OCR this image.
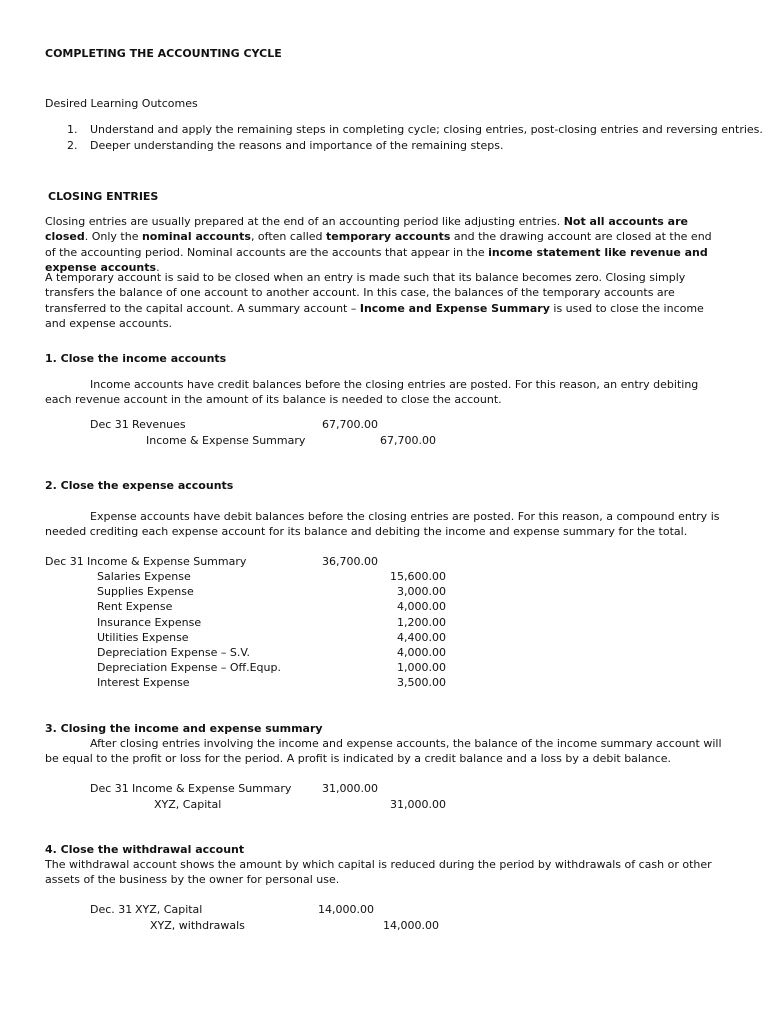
COMPLETING THE ACCOUNTING CYCLE
Desired Learning Outcomes
1. Understand and apply the remaining steps in completing cycle; closing entries, post-closing entries and reversing entries.
2. Deeper understanding the reasons and importance of the remaining steps.
CLOSING ENTRIES
Closing entries are usually prepared at the end of an accounting period like adjusting entries. Not all accounts are closed. Only the nominal accounts, often called temporary accounts and the drawing account are closed at the end of the accounting period. Nominal accounts are the accounts that appear in the income statement like revenue and expense accounts.
A temporary account is said to be closed when an entry is made such that its balance becomes zero. Closing simply transfers the balance of one account to another account. In this case, the balances of the temporary accounts are transferred to the capital account. A summary account – Income and Expense Summary is used to close the income and expense accounts.
1. Close the income accounts
Income accounts have credit balances before the closing entries are posted. For this reason, an entry debiting each revenue account in the amount of its balance is needed to close the account.
Dec 31 Revenues	67,700.00
Income & Expense Summary	67,700.00
2. Close the expense accounts
Expense accounts have debit balances before the closing entries are posted. For this reason, a compound entry is needed crediting each expense account for its balance and debiting the income and expense summary for the total.
Dec 31 Income & Expense Summary	36,700.00
Salaries Expense	15,600.00
Supplies Expense	3,000.00
Rent Expense	4,000.00
Insurance Expense	1,200.00
Utilities Expense	4,400.00
Depreciation Expense – S.V.	4,000.00
Depreciation Expense – Off.Equp.	1,000.00
Interest Expense	3,500.00
3. Closing the income and expense summary
After closing entries involving the income and expense accounts, the balance of the income summary account will be equal to the profit or loss for the period. A profit is indicated by a credit balance and a loss by a debit balance.
Dec 31 Income & Expense Summary	31,000.00
XYZ, Capital	31,000.00
4. Close the withdrawal account
The withdrawal account shows the amount by which capital is reduced during the period by withdrawals of cash or other assets of the business by the owner for personal use.
Dec. 31 XYZ, Capital	14,000.00
XYZ, withdrawals	14,000.00
